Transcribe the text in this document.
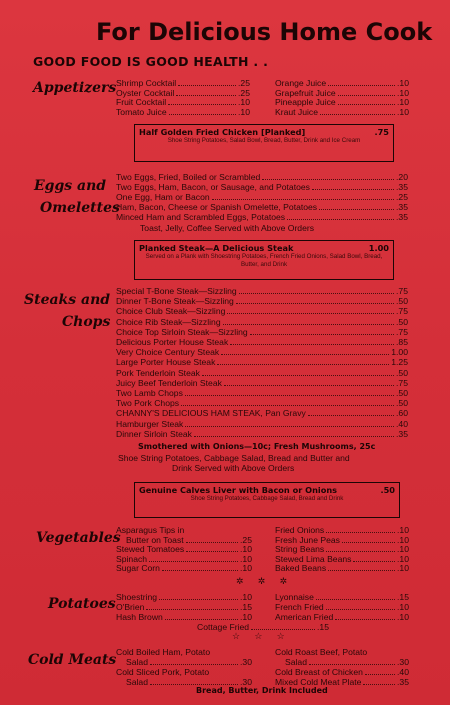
For Delicious Home Cook
GOOD FOOD IS GOOD HEALTH . .
Appetizers Shrimp Cocktail	.25
Oyster Cocktail	.25
Fruit Cocktail	.10
Tomato Juice	.10
Orange Juice	.10
Grapefruit Juice	.10
Pineapple Juice	.10
Kraut Juice	.10
Half Golden Fried Chicken [Planked]	.75
Shoe String Potatoes, Salad Bowl, Bread, Butter, Drink and Ice Cream
Eggs and
Omelettes
Two Eggs, Fried, Boiled or Scrambled	.20
Two Eggs, Ham, Bacon, or Sausage, and Potatoes	.35
One Egg, Ham or Bacon	.25
Ham, Bacon, Cheese or Spanish Omelette, Potatoes	.35
Minced Ham and Scrambled Eggs, Potatoes	.35
Toast, Jelly, Coffee Served with Above Orders
Planked Steak—A Delicious Steak	1.00
Served on a Plank with Shoestring Potatoes, French Fried Onions, Salad Bowl, Bread, Butter, and Drink
Steaks and
Chops
Special T-Bone Steak—Sizzling	.75
Dinner T-Bone Steak—Sizzling	.50
Choice Club Steak—Sizzling	.75
Choice Rib Steak—Sizzling	.50
Choice Top Sirloin Steak—Sizzling	.75
Delicious Porter House Steak	.85
Very Choice Century Steak	1.00
Large Porter House Steak	1.25
Pork Tenderloin Steak	.50
Juicy Beef Tenderloin Steak	.75
Two Lamb Chops	.50
Two Pork Chops	.50
CHANNY'S DELICIOUS HAM STEAK, Pan Gravy	.60
Hamburger Steak	.40
Dinner Sirloin Steak	.35
Smothered with Onions—10c; Fresh Mushrooms, 25c
Shoe String Potatoes, Cabbage Salad, Bread and Butter and
Drink Served with Above Orders
Genuine Calves Liver with Bacon or Onions	.50
Shoe String Potatoes, Cabbage Salad, Bread and Drink
Vegetables
Asparagus Tips in
Butter on Toast	.25
Stewed Tomatoes	.10
Spinach	.10
Sugar Corn	.10
Fried Onions	.10
Fresh June Peas	.10
String Beans	.10
Stewed Lima Beans	.10
Baked Beans	.10
✲ ✲ ✲
Potatoes Shoestring	.10
O'Brien	.15
Hash Brown	.10
Lyonnaise	.15
French Fried	.10
American Fried	.10
Cottage Fried	.15
☆ ☆ ☆
Cold Meats Cold Boiled Ham, Potato
Salad	.30
Cold Sliced Pork, Potato
Salad	.30
Cold Roast Beef, Potato
Salad	.30
Cold Breast of Chicken	.40
Mixed Cold Meat Plate	.35
Bread, Butter, Drink Included
